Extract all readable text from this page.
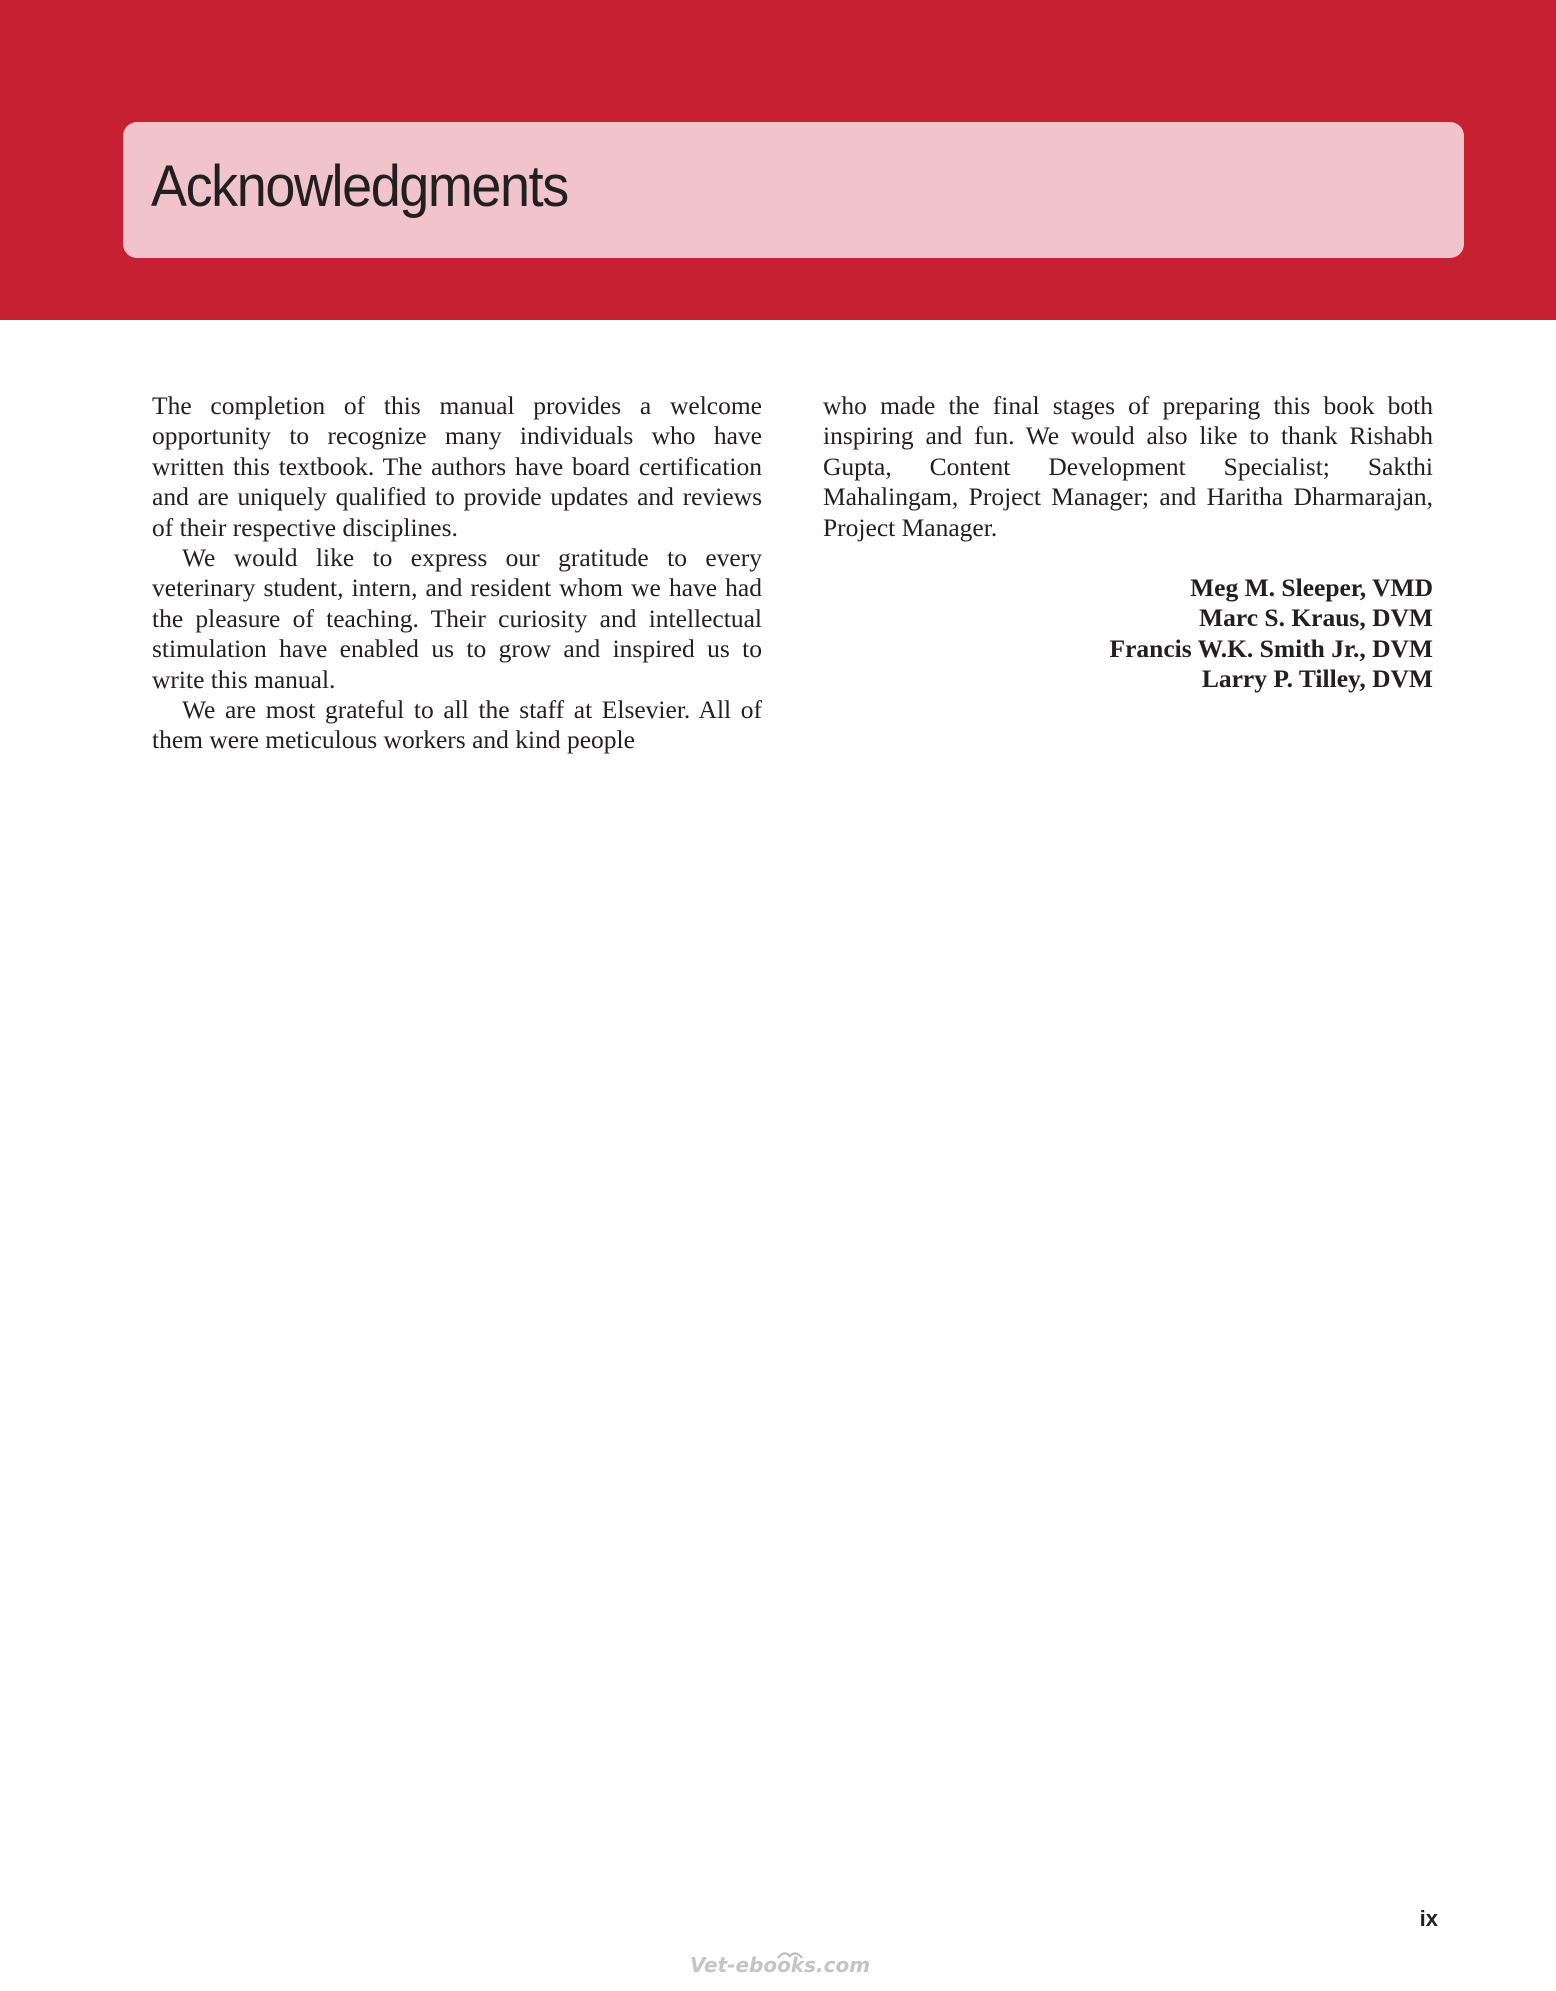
Acknowledgments

The completion of this manual provides a welcome opportunity to recognize many individuals who have written this textbook. The authors have board certification and are uniquely qualified to provide updates and reviews of their respective disciplines.

We would like to express our gratitude to every veterinary student, intern, and resident whom we have had the pleasure of teaching. Their curiosity and intellectual stimulation have enabled us to grow and inspired us to write this manual.

We are most grateful to all the staff at Elsevier. All of them were meticulous workers and kind people

who made the final stages of preparing this book both inspiring and fun. We would also like to thank Rishabh Gupta, Content Development Specialist; Sakthi Mahalingam, Project Manager; and Haritha Dharmarajan, Project Manager.

Meg M. Sleeper, VMD
Marc S. Kraus, DVM
Francis W.K. Smith Jr., DVM
Larry P. Tilley, DVM
ix
Vet-ebooks.com
